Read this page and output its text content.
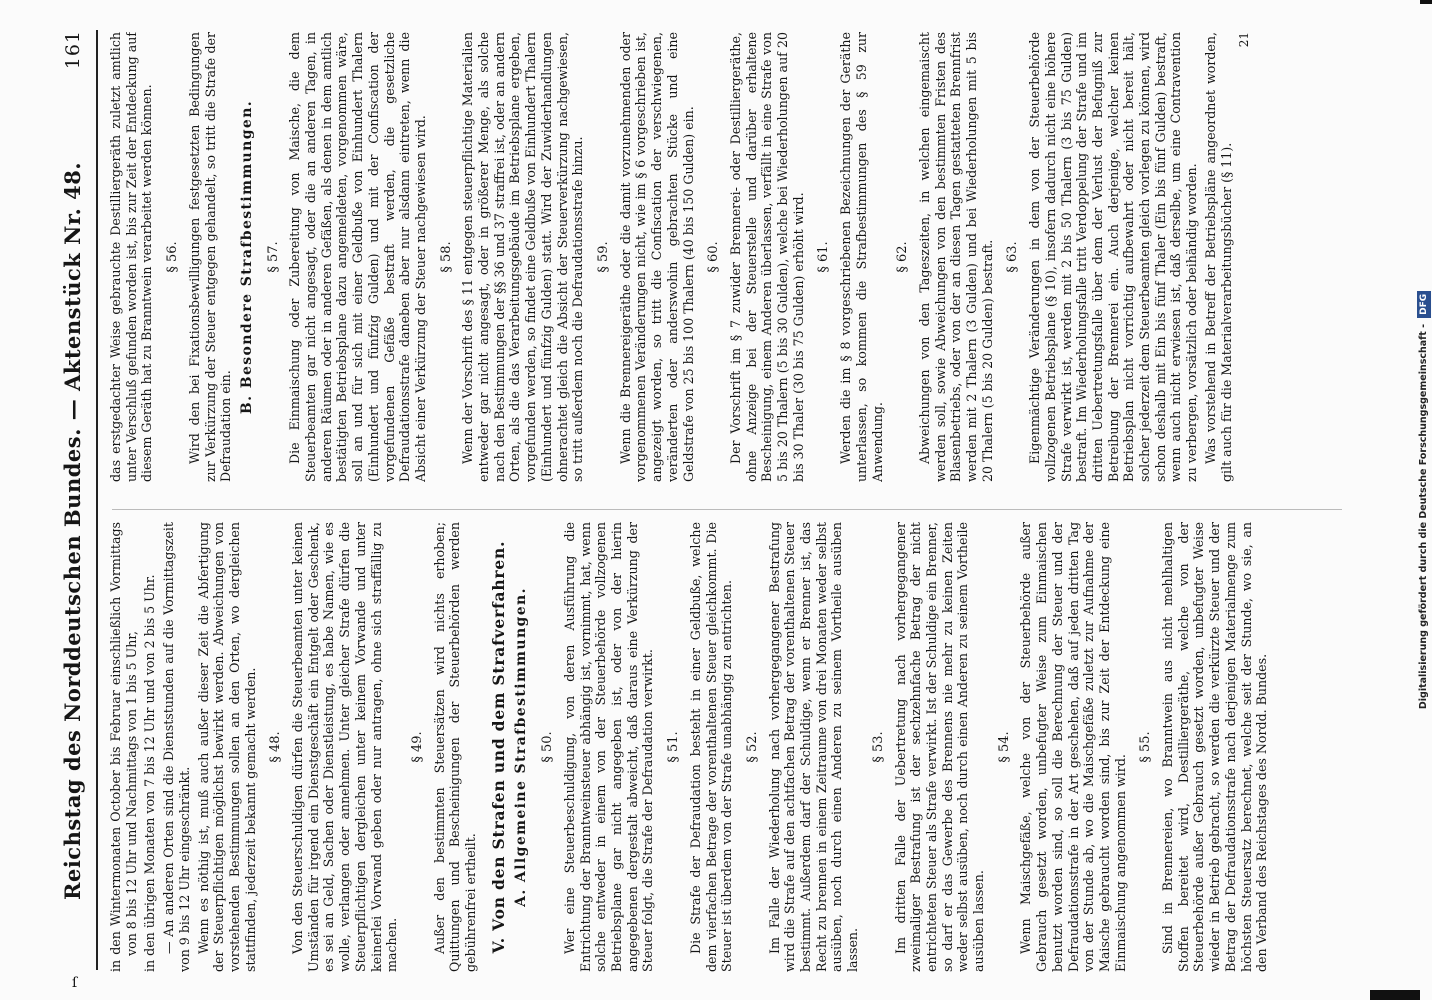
Reichstag des Norddeutschen Bundes. — Aktenstück Nr. 48.
161

in den Wintermonaten October bis Februar einschließlich Vormittags von 8 bis 12 Uhr und Nachmittags von 1 bis 5 Uhr, in den übrigen Monaten von 7 bis 12 Uhr und von 2 bis 5 Uhr. — An anderen Orten sind die Dienststunden auf die Vormittagszeit von 9 bis 12 Uhr eingeschränkt. Wenn es nöthig ist, muß auch außer dieser Zeit die Abfertigung der Steuerpflichtigen möglichst bewirkt werden. Abweichungen von vorstehenden Bestimmungen sollen an den Orten, wo dergleichen stattfinden, jederzeit bekannt gemacht werden. § 48. Von den Steuerschuldigen dürfen die Steuerbeamten unter keinen Umständen für irgend ein Dienstgeschäft ein Entgelt oder Geschenk, es sei an Geld, Sachen oder Dienstleistung, es habe Namen, wie es wolle, verlangen oder annehmen. Unter gleicher Strafe dürfen die Steuerpflichtigen dergleichen unter keinem Vorwande und unter keinerlei Vorwand geben oder nur antragen, ohne sich straffällig zu machen.

§ 49. Außer den bestimmten Steuersätzen wird nichts erhoben; Quittungen und Bescheinigungen der Steuerbehörden werden gebührenfrei ertheilt. V. Von den Strafen und dem Strafverfahren. A. Allgemeine Strafbestimmungen. § 50. Wer eine Steuerbeschuldigung, von deren Ausführung die Entrichtung der Branntweinsteuer abhängig ist, vornimmt, hat, wenn solche entweder in einem von der Steuerbehörde vollzogenen Betriebsplane gar nicht angegeben ist, oder von der hierin angegebenen dergestalt abweicht, daß daraus eine Verkürzung der Steuer folgt, die Strafe der Defraudation verwirkt. § 51. Die Strafe der Defraudation besteht in einer Geldbuße, welche dem vierfachen Betrage der vorenthaltenen Steuer gleichkommt. Die Steuer ist überdem von der Strafe unabhängig zu entrichten. § 52. Im Falle der Wiederholung nach vorhergegangener Bestrafung wird die Strafe auf den achtfachen Betrag der vorenthaltenen Steuer bestimmt. Außerdem darf der Schuldige, wenn er Brenner ist, das Recht zu brennen in einem Zeitraume von drei Monaten weder selbst ausüben, noch durch einen Anderen zu seinem Vortheile ausüben lassen.

§ 53. Im dritten Falle der Uebertretung nach vorhergegangener zweimaliger Bestrafung ist der sechzehnfache Betrag der nicht entrichteten Steuer als Strafe verwirkt. Ist der Schuldige ein Brenner, so darf er das Gewerbe des Brennens nie mehr zu keinen Zeiten weder selbst ausüben, noch durch einen Anderen zu seinem Vortheile ausüben lassen.

§ 54. Wenn Maischgefäße, welche von der Steuerbehörde außer Gebrauch gesetzt worden, unbefugter Weise zum Einmaischen benutzt worden sind, so soll die Berechnung der Steuer und der Defraudationsstrafe in der Art geschehen, daß auf jeden dritten Tag von der Stunde ab, wo die Maischgefäße zuletzt zur Aufnahme der Maische gebraucht worden sind, bis zur Zeit der Entdeckung eine Einmaischung angenommen wird.

§ 55. Sind in Brennereien, wo Branntwein aus nicht mehlhaltigen Stoffen bereitet wird, Destilliergeräthe, welche von der Steuerbehörde außer Gebrauch gesetzt worden, unbefugter Weise wieder in Betrieb gebracht, so werden die verkürzte Steuer und der Betrag der Defraudationsstrafe nach derjenigen Materialmenge zum höchsten Steuersatz berechnet, welche seit der Stunde, wo sie, an den Verband des Reichstages des Nordd. Bundes.

das erstgedachter Weise gebrauchte Destilliergeräth zuletzt amtlich unter Verschluß gefunden worden ist, bis zur Zeit der Entdeckung auf diesem Geräth hat zu Branntwein verarbeitet werden können. § 56. Wird den bei Fixationsbewilligungen festgesetzten Bedingungen zur Verkürzung der Steuer entgegen gehandelt, so tritt die Strafe der Defraudation ein.

B. Besondere Strafbestimmungen. § 57. Die Einmaischung oder Zubereitung von Maische, die dem Steuerbeamten gar nicht angesagt, oder die an anderen Tagen, in anderen Räumen oder in anderen Gefäßen, als denen in dem amtlich bestätigten Betriebsplane dazu angemeldeten, vorgenommen wäre, soll an und für sich mit einer Geldbuße von Einhundert Thalern (Einhundert und fünfzig Gulden) und mit der Confiscation der vorgefundenen Gefäße bestraft werden, die gesetzliche Defraudationsstrafe daneben aber nur alsdann eintreten, wenn die Absicht einer Verkürzung der Steuer nachgewiesen wird. § 58. Wenn der Vorschrift des § 11 entgegen steuerpflichtige Materialien entweder gar nicht angesagt, oder in größerer Menge, als solche nach den Bestimmungen der §§ 36 und 37 straffrei ist, oder an andern Orten, als die das Verarbeitungsgebäude im Betriebsplane ergeben, vorgefunden werden, so findet eine Geldbuße von Einhundert Thalern (Einhundert und fünfzig Gulden) statt. Wird der Zuwiderhandlungen ohnerachtet gleich die Absicht der Steuerverkürzung nachgewiesen, so tritt außerdem noch die Defraudationsstrafe hinzu. § 59. Wenn die Brennereigeräthe oder die damit vorzunehmenden oder vorgenommenen Veränderungen nicht, wie im § 6 vorgeschrieben ist, angezeigt worden, so tritt die Confiscation der verschwiegenen, veränderten oder anderswohin gebrachten Stücke und eine Geldstrafe von 25 bis 100 Thalern (40 bis 150 Gulden) ein. § 60. Der Vorschrift im § 7 zuwider Brennerei- oder Destilliergeräthe, ohne Anzeige bei der Steuerstelle und darüber erhaltene Bescheinigung, einem Anderen überlassen, verfällt in eine Strafe von 5 bis 20 Thalern (5 bis 30 Gulden), welche bei Wiederholungen auf 20 bis 30 Thaler (30 bis 75 Gulden) erhöht wird. § 61. Werden die im § 8 vorgeschriebenen Bezeichnungen der Geräthe unterlassen, so kommen die Strafbestimmungen des § 59 zur Anwendung.

§ 62. Abweichungen von den Tageszeiten, in welchen eingemaischt werden soll, sowie Abweichungen von den bestimmten Fristen des Blasenbetriebs, oder von der an diesen Tagen gestatteten Brennfrist werden mit 2 Thalern (3 Gulden) und bei Wiederholungen mit 5 bis 20 Thalern (5 bis 20 Gulden) bestraft. § 63. Eigenmächtige Veränderungen in dem von der Steuerbehörde vollzogenen Betriebsplane (§ 10), insofern dadurch nicht eine höhere Strafe verwirkt ist, werden mit 2 bis 50 Thalern (3 bis 75 Gulden) bestraft. Im Wiederholungsfalle tritt Verdoppelung der Strafe und im dritten Uebertretungsfalle über dem der Verlust der Befugniß zur Betreibung der Brennerei ein. Auch derjenige, welcher keinen Betriebsplan nicht vorrichtig aufbewahrt oder nicht bereit hält, solcher jederzeit dem Steuerbeamten gleich vorlegen zu können, wird schon deshalb mit Ein bis fünf Thaler (Ein bis fünf Gulden) bestraft, wenn auch nicht erwiesen ist, daß derselbe, um eine Contravention zu verbergen, vorsätzlich oder beihändig worden. Was vorstehend in Betreff der Betriebspläne angeordnet worden, gilt auch für die Materialverarbeitungsbücher (§ 11).

21
ſ
Digitalisierung gefördert durch die Deutsche Forschungsgemeinschaft -DFG
